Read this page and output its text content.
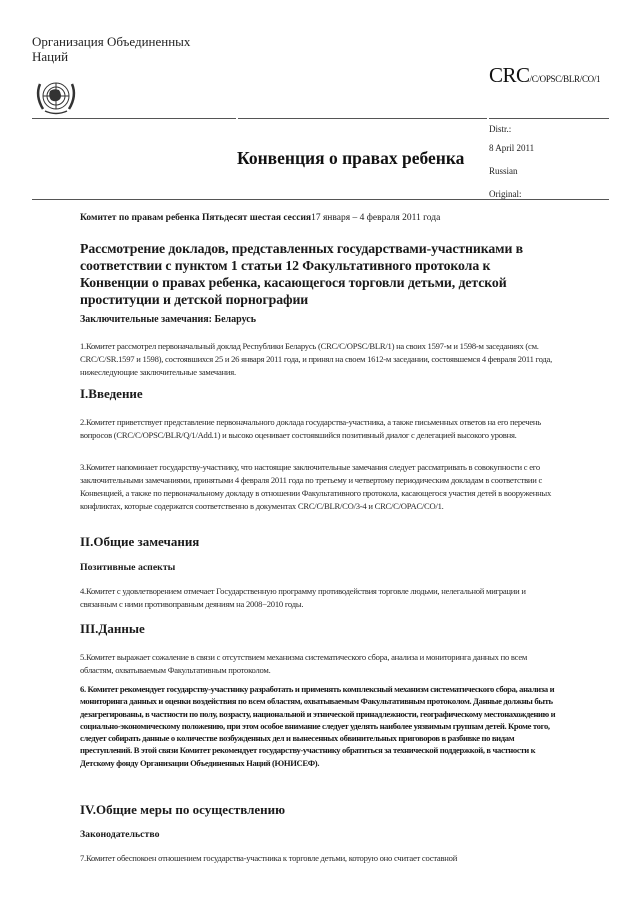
Организация Объединенных
Наций
CRC/C/OPSC/BLR/CO/1
Конвенция о правах ребенка
Distr.:
8 April 2011
Russian
Original:
Комитет по правам ребенка Пятьдесят шестая сессия17 января – 4 февраля 2011 года
Рассмотрение докладов, представленных государствами-участниками в соответствии с пунктом 1 статьи 12 Факультативного протокола к Конвенции о правах ребенка, касающегося торговли детьми, детской проституции и детской порнографии
Заключительные замечания: Беларусь
1.Комитет рассмотрел первоначальный доклад Республики Беларусь (CRC/C/OPSC/BLR/1) на своих 1597-м и 1598-м заседаниях (см. CRC/C/SR.1597 и 1598), состоявшихся 25 и 26 января 2011 года, и принял на своем 1612-м заседании, состоявшемся 4 февраля 2011 года, нижеследующие заключительные замечания.
I.Введение
2.Комитет приветствует представление первоначального доклада государства-участника, а также письменных ответов на его перечень вопросов (CRC/C/OPSC/BLR/Q/1/Add.1) и высоко оценивает состоявшийся позитивный диалог с делегацией высокого уровня.
3.Комитет напоминает государству-участнику, что настоящие заключительные замечания следует рассматривать в совокупности с его заключительными замечаниями, принятыми 4 февраля 2011 года по третьему и четвертому периодическим докладам в соответствии с Конвенцией, а также по первоначальному докладу в отношении Факультативного протокола, касающегося участия детей в вооруженных конфликтах, которые содержатся соответственно в документах CRC/C/BLR/CO/3-4 и CRC/C/OPAC/CO/1.
II.Общие замечания
Позитивные аспекты
4.Комитет с удовлетворением отмечает Государственную программу противодействия торговле людьми, нелегальной миграции и связанным с ними противоправным деяниям на 2008−2010 годы.
III.Данные
5.Комитет выражает сожаление в связи с отсутствием механизма систематического сбора, анализа и мониторинга данных по всем областям, охватываемым Факультативным протоколом.
6. Комитет рекомендует государству-участнику разработать и применять комплексный механизм систематического сбора, анализа и мониторинга данных и оценки воздействия по всем областям, охватываемым Факультативным протоколом. Данные должны быть дезагрегированы, в частности по полу, возрасту, национальной и этнической принадлежности, географическому местонахождению и социально-экономическому положению, при этом особое внимание следует уделять наиболее уязвимым группам детей. Кроме того, следует собирать данные о количестве возбужденных дел и вынесенных обвинительных приговоров в разбивке по видам преступлений. В этой связи Комитет рекомендует государству-участнику обратиться за технической поддержкой, в частности к Детскому фонду Организации Объединенных Наций (ЮНИСЕФ).
IV.Общие меры по осуществлению
Законодательство
7.Комитет обеспокоен отношением государства-участника к торговле детьми, которую оно считает составной
